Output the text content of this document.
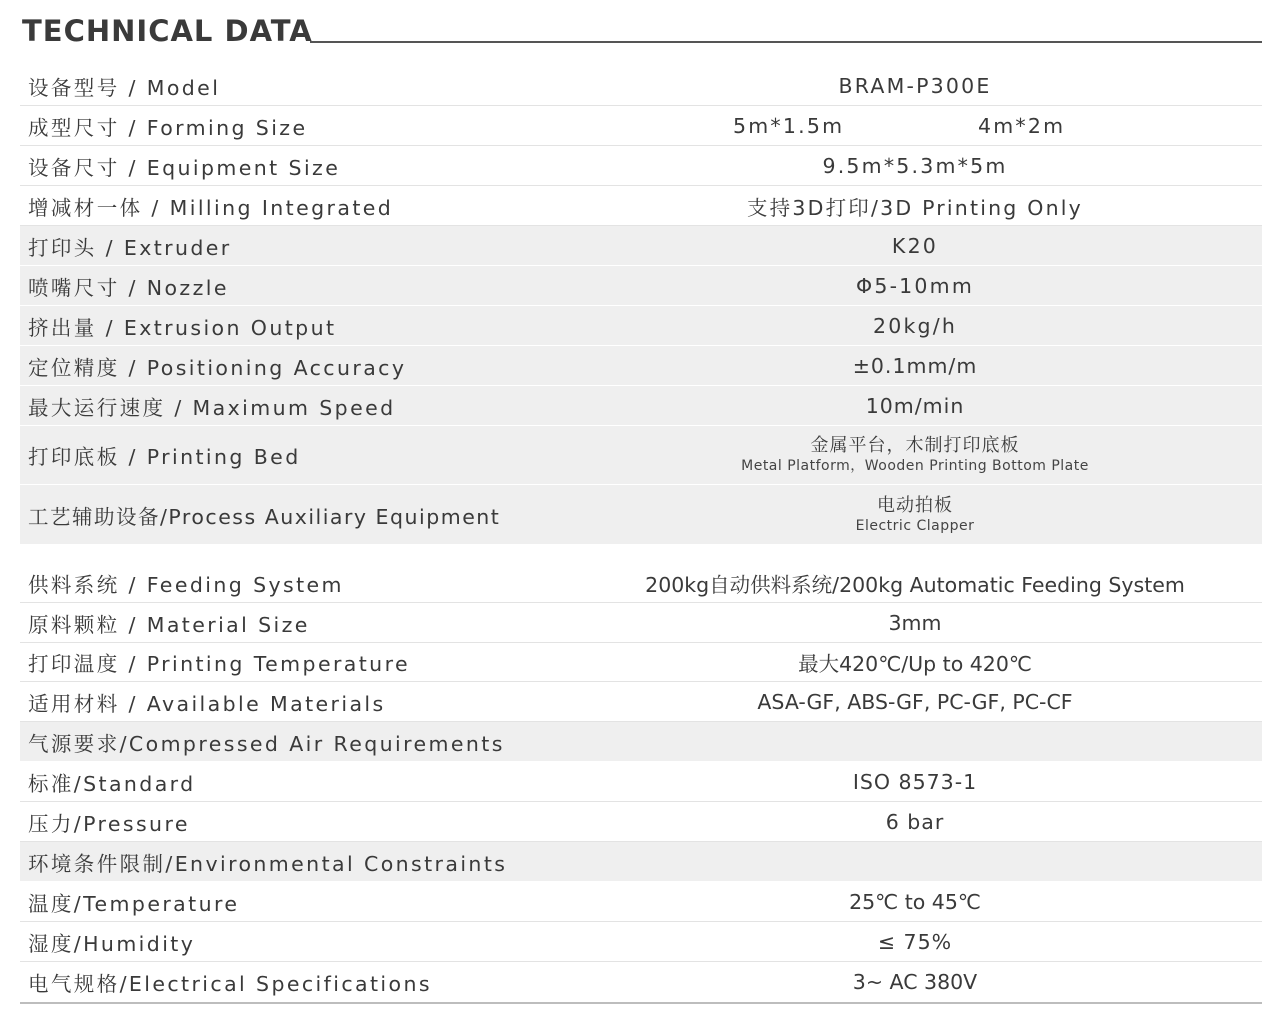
TECHNICAL DATA
设备型号 / Model	BRAM-P300E
成型尺寸 / Forming Size	5m*1.5m	4m*2m
设备尺寸 / Equipment Size	9.5m*5.3m*5m
增减材一体 / Milling Integrated	支持3D打印/3D Printing Only
打印头 / Extruder	K20
喷嘴尺寸 / Nozzle	Φ5-10mm
挤出量 / Extrusion Output	20kg/h
定位精度 / Positioning Accuracy	±0.1mm/m
最大运行速度 / Maximum Speed	10m/min
打印底板 / Printing Bed	金属平台，木制打印底板
Metal Platform，Wooden Printing Bottom Plate
工艺辅助设备/Process Auxiliary Equipment	电动拍板
Electric Clapper
供料系统 / Feeding System	200kg自动供料系统/200kg Automatic Feeding System
原料颗粒 / Material Size	3mm
打印温度 / Printing Temperature	最大420℃/Up to 420℃
适用材料 / Available Materials	ASA-GF, ABS-GF, PC-GF, PC-CF
气源要求/Compressed Air Requirements
标准/Standard	ISO 8573-1
压力/Pressure	6 bar
环境条件限制/Environmental Constraints
温度/Temperature	25℃ to 45℃
湿度/Humidity	≤ 75%
电气规格/Electrical Specifications	3~ AC 380V
